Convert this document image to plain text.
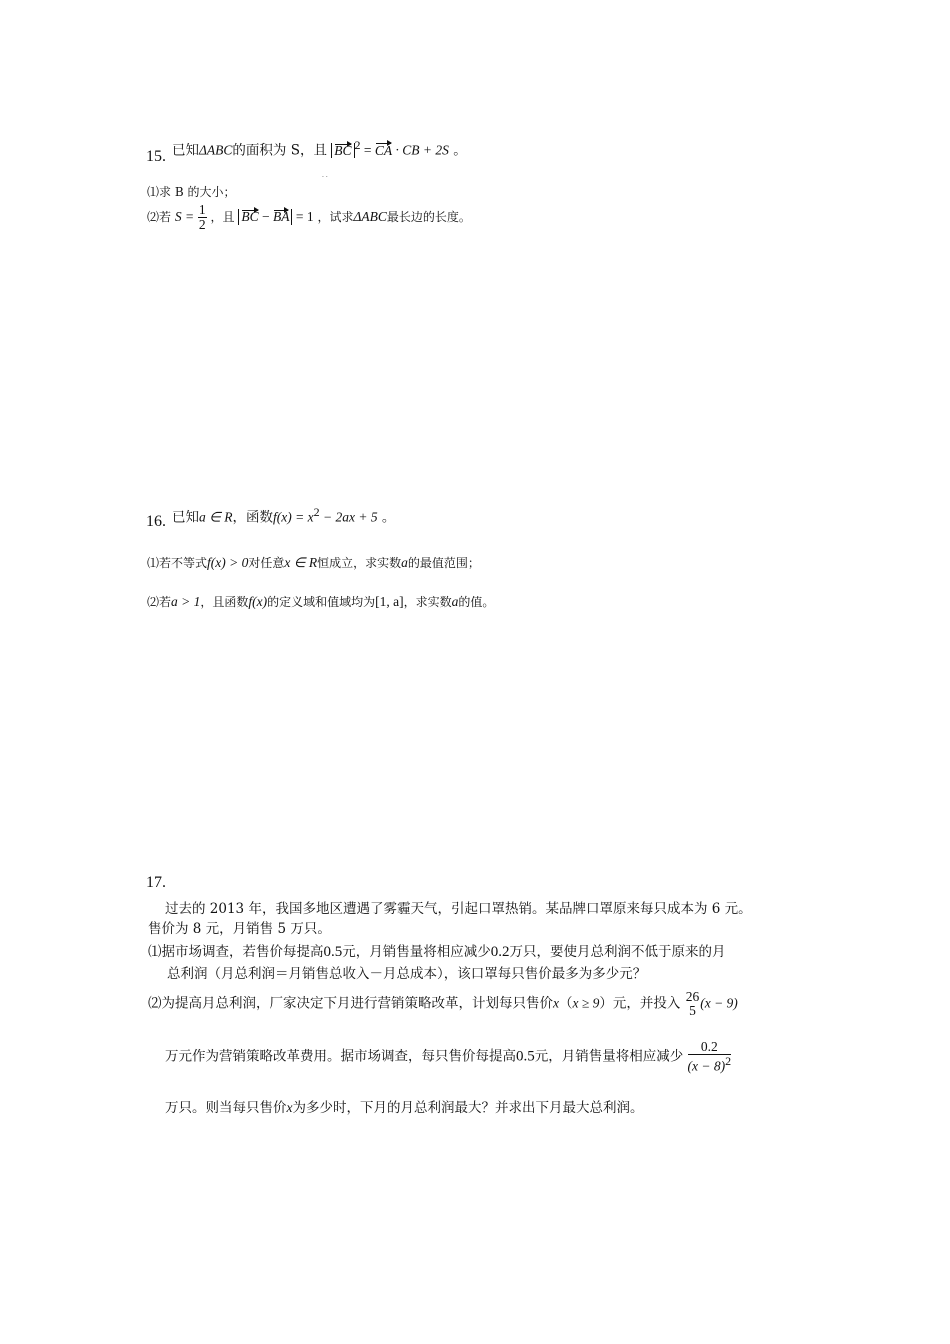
15. 已知ΔABC的面积为 S，且 BC $^2$ = CA · CB + 2S 。
. .
⑴求 B 的大小；
⑵若 $S = \frac{1}{2}$ ，且 BC − BA = 1 ，试求ΔABC最长边的长度。
16. 已知a ∈ R，函数$f(x) = x^2 - 2ax + 5$ 。
⑴若不等式f(x) > 0对任意x ∈ R恒成立，求实数a的最值范围；
⑵若a > 1，且函数f(x)的定义域和值域均为[1, a]，求实数a的值。
17.
过去的 2013 年，我国多地区遭遇了雾霾天气，引起口罩热销。某品牌口罩原来每只成本为 6 元。
售价为 8 元，月销售 5 万只。
⑴据市场调查，若售价每提高0.5元，月销售量将相应减少0.2万只，要使月总利润不低于原来的月
总利润（月总利润＝月销售总收入－月总成本），该口罩每只售价最多为多少元？
⑵为提高月总利润，厂家决定下月进行营销策略改革，计划每只售价x（x ≥ 9）元，并投入 26
5 (x − 9)
万元作为营销策略改革费用。据市场调查，每只售价每提高0.5元，月销售量将相应减少 $\frac{0.2}{(x - 8)^2}$
万只。则当每只售价x为多少时，下月的月总利润最大？并求出下月最大总利润。
